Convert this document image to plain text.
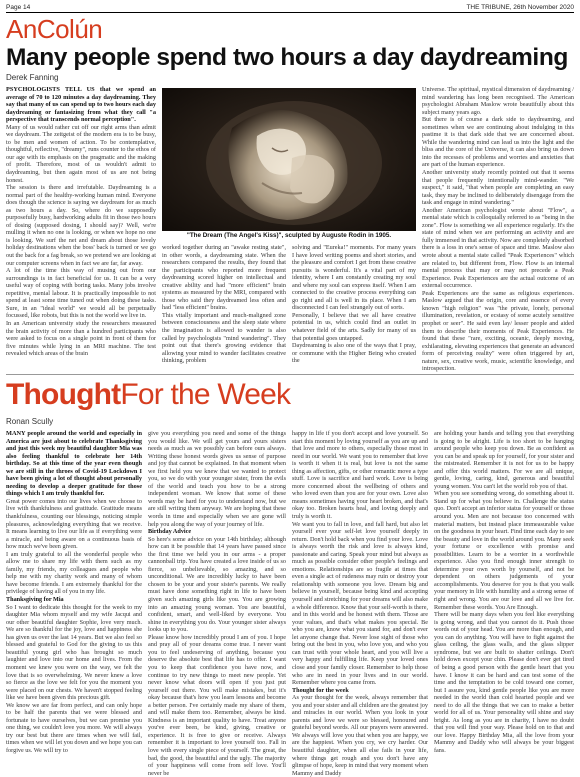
Page 14	THE TRIBUNE, 26th November 2020
AnColún
Many people spend two hours a day daydreaming
Derek Fanning

PSYCHOLOGISTS TELL US that we spend an average of 70 to 120 minutes a day daydreaming. They say that many of us can spend up to two hours each day daydreaming or fantasizing from what they call "a perspective that transcends normal perception".

Many of us would rather cut off our right arms than admit we daydream. The zeitgeist of the modern era is to be busy, to be men and women of action. To be contemplative, thoughtful, reflective, "dreamy", runs counter to the ethos of our age with its emphasis on the pragmatic and the making of profit. Therefore, most of us wouldn't admit to daydreaming, but then again most of us are not being honest.

The session is there and irrefutable. Daydreaming is a normal part of the healthy-working human mind. Everyone does though the science is saying we daydream for as much as two hours a day. So, where do we supposedly purposefully busy, hardworking adults fit in those two hours of dosing (supposed dosing, I should say)? Well, we're mulling it when no one is looking, or when we hope no one is looking. We surf the net and dream about those lovely holiday destinations when the boss' back is turned or we go out the back for a fag break, so we pretend we are looking at our computer screens when in fact we are far, far away.

A lot of the time this way of musing out from our surroundings is in fact beneficial for us. It can be a very useful way of coping with boring tasks. Many jobs involve repetitive, menial labour. It is practically impossible to not spend at least some time tuned out when doing these tasks. Sure, in an "ideal world" we would all be perpetually focussed, like robots, but this is not the world we live in.

In an American university study the researchers measured the brain activity of more than a hundred participants who were asked to focus on a single point in front of them for five minutes while lying in an MRI machine. The test revealed which areas of the brain

"The Dream (The Angel's Kiss)", sculpted by Auguste Rodin in 1905.

worked together during an "awake resting state", in other words, a daydreaming state. When the researchers compared the results, they found that the participants who reported more frequent daydreaming scored higher on intellectual and creative ability and had "more efficient" brain systems as measured by the MRI, compared with those who said they daydreamed less often and had "less efficient" brains.

This vitally important and much-maligned zone between consciousness and the sleep state where the imagination is allowed to wander is also called by psychologists "mind wandering". They point out that there's growing evidence that allowing your mind to wander facilitates creative thinking, problem

solving and "Eureka!" moments. For many years I have loved writing poems and short stories, and the pleasure and comfort I get from these creative pursuits is wonderful. It's a vital part of my identity, where I am constantly creating my soul and where my soul can express itself. When I am connected to the creative process everything can go right and all is well in its place. When I am disconnected I can feel strangely out of sorts.

Personally, I believe that we all have creative potential in us, which could find an outlet in whatever field of the arts. Sadly for many of us that potential goes untapped.

Daydreaming is also one of the ways that I pray, or commune with the Higher Being who created the

Universe. The spiritual, mystical dimension of daydreaming / mind wandering has long been recognised. The American psychologist Abraham Maslow wrote beautifully about this subject many years ago.

But there is of course a dark side to daydreaming, and sometimes when we are continuing about indulging in this pastime it is that dark side that we are concerned about. While the wandering mind can lead us into the light and the bliss and the core of the Universe, it can also bring us down into the recesses of problems and worries and anxieties that are part of the human experience.

Another university study recently pointed out that it seems that people frequently intentionally mind-wander. "We suspect," it said, "that when people are completing an easy task, they may be inclined to deliberately disengage from the task and engage in mind wandering."

Another American psychologist wrote about "Flow", a mental state which is colloquially referred to as "being in the zone". Flow is something we all experience regularly. It's the state of mind when we are performing an activity and are fully immersed in that activity. Now are completely absorbed there is a loss in one's sense of space and time. Maslow also wrote about a mental state called "Peak Experiences" which are related to, but different from, Flow. Flow is an internal mental process that may or may not precede a Peak Experience. Peak Experiences are the actual outcome of an external occurrence.

Peak Experiences are the same as religious experiences. Maslow argued that the origin, core and essence of every known "high religion" was "the private, lonely, personal illumination, revelation, or ecstasy of some acutely sensitive prophet or seer". He said even lay/ lesser people and aided them to describe their moments of Peak Experiences. He found that these "rare, exciting, oceanic, deeply moving, exhilarating, elevating experiences that generate an advanced form of perceiving reality" were often triggered by art, nature, sex, creative work, music, scientific knowledge, and introspection.

ThoughtFor the Week
Ronan Scully

MANY people around the world and especially in America are just about to celebrate Thanksgiving and just this week my beautiful daughter Mia was also feeling thankful to celebrate her 14th birthday. So at this time of the year even though we are still in the throes of Covid-19 Lockdown I have been giving a lot of thought about personally needing to develop a deeper gratitude for those things which I am truly thankful for.

Great power comes into our lives when we choose to live with thankfulness and gratitude. Gratitude means thankfulness, counting our blessings, noticing simple pleasures, acknowledging everything that we receive. It means learning to live our life as if everything were a miracle, and being aware on a continuous basis of how much we've been given.

I am truly grateful to all the wonderful people who allow me to share my life with them such as my family, my friends, my colleagues and people who help me with my charity work and many of whom have become friends. I am extremely thankful for the privilege of having all of you in my life.

Thanksgiving for Mia

So I want to dedicate this thought for the week to my daughter Mia whom myself and my wife Jacqui and our other beautiful daughter Sophie, love very much. We are so thankful for the joy, love and happiness she has given us over the last 14 years. But we also feel so blessed and grateful to God for the giving to us this beautiful young girl who has brought so much laughter and love into our home and lives. From the moment we knew you were on the way, we felt the love that is so overwhelming. We never knew a love so fierce as the love we felt for you the moment you were placed on our chests. We haven't stopped feeling like we have been given this precious gift.

We know we are far from perfect, and can only hope to be half the parents that we were blessed and fortunate to have ourselves, but we can promise you one thing, we couldn't love you more. We will always try our best but there are times when we will fail, times when we will let you down and we hope you can forgive us. We will try to

give you everything you need and some of the things you would like. We will get yours and yours sisters needs as much as we possibly can before ours always. Writing these honest words gives us sense of purpose and joy that cannot be explained. In that moment when we first held you we knew that we wanted to protect you, so we do with your younger sister, from the evils of the world and teach you how to be a strong independent woman. We know that some of these words may be hard for you to understand now, but we are still writing them anyway. We are hoping that these words in time and especially when we are gone will help you along the way of your journey of life.

Birthday Advice

So here's some advice on your 14th birthday; although how can it be possible that 14 years have passed since the first time we held you in our arms - a proper cannonball trip. You have created a love inside of us so fierce, so unbelievable, so amazing, and so unconditional. We are incredibly lucky to have been chosen to be your and your sister's parents. We really must have done something right in life to have been given such amazing girls like you. You are growing into an amazing young woman. You are beautiful, confident, smart, and well-liked by everyone. You shine in everything you do. Your younger sister always looks up to you.

Please know how incredibly proud I am of you. I hope and pray all of your dreams come true. I never want you to feel undeserving of anything, because you deserve the absolute best that life has to offer. I want you to keep that confidence you have now, and continue to try new things to meet new people. Yet never know what doors will open if you just put yourself out there. You will make mistakes, but it's okay because that's how you learn lessons and become a better person. I've certainly made my share of them, and will make them too. Remember, always be kind. Kindness is an important quality to have. Treat anyone you've ever been, be kind, giving, creative or experience. It is free to give or receive. Always remember it is important to love yourself too. Fall in love with every single piece of yourself. The great, the bad, the good, the beautiful and the ugly. The majority of your happiness will come from self love. You'll never be

happy in life if you don't accept and love yourself. So start this moment by loving yourself as you are up and that love and more to others, especially those most in need in our world. We want you to remember that love is worth it when it is real, but love is not the same thing as affection, gifts, or other romantic move a type stuff. Love is sacrifice and hard work. Love is being more concerned about the wellbeing of others and who loved even than you are for your own. Love also means sometimes having your heart broken, and that's okay too. Broken hearts heal, and loving deeply and truly is worth it.

We want you to fall in love, and fall hard, but also let yourself ever your self-let love yourself deeply in return. Don't hold back when you find your love. Love is always worth the risk and love is always kind, passionate and caring. Speak your mind but always as much as possible consider other people's feelings and emotions. Relationships are so fragile at times that even a single act of rudeness may ruin or destroy your relationship with someone you love. Dream big and believe in yourself, because being kind and accepting yourself and stretching for your dreams will also make a whole difference. Know that your self-worth is there, and in this world and be honest with them. Those are your values, and that's what makes you special. Be who you are, know what you stand for, and don't ever let anyone change that. Never lose sight of those who bring out the best in you, who love you, and who you can trust with your whole heart, and you will live a very happy and fulfilling life. Keep your loved ones close and your family closer. Remember to help those who are in need in your lives and in our world. Remember where you came from.

Thought for the week

As your thought for the week, always remember that you and your sister and all children are the greatest joy and miracles in our world. When you look in your parents and love we were so blessed, honoured and grateful beyond words. All our prayers were answered. We always will love you that when you are happy, we are the happiest. When you cry, we cry harder. Our beautiful daughter, when all else fails in your life, where things get rough and you don't have any glimpse of hope, keep in mind that very moment when Mammy and Daddy

are holding your hands and telling you that everything is going to be alright. Life is too short to be hanging around people who keep you down. Be as confident as you can be and speak up for yourself, for your sister and the mistreated. Remember it is not for us to be happy and offer this world matters. For we are all unique, gentle, loving, caring, kind, generous and beautiful young women. You can't let the world rob you of that.

When you see something wrong, do something about it. Stand up for what you believe in. Challenge the status quo. Don't accept an inferior status for yourself or those around you. Men are not because too concerned with material matters, but instead place immeasurable value on the goodness in your heart. Find time each day to see the beauty and love in the world around you. Many seek your fortune or excellence with promise and possibilities. Learn to be a worrier in a worthwhile experience. Also you find enough inner strength to determine your own worth by yourself, and not be dependent on others judgements of your accomplishments. You deserve for you is that you walk your memory in life with humility and a strong sense of right and wrong. You are our love and all we live for. Remember these words. You Are Enough.

There will be many days when you feel like everything is going wrong, and that you cannot do it. Push those words out of your head. You are more than enough, and you can do anything. You will have to fight against the glass ceiling, the glass walls, and the glass slipper syndrome, but we are built to shatter ceilings. Don't hold down except your chin. Please don't ever get tired of being a good person with the gentle heart that you have. I know it can be hard and can test some of the time and the temptation to be cold toward one corner, but I assure you, kind gentle people like you are more needed in the world than cold hearted people and we need to do all the things that we can to make a better world for all of us. Your personality will shine and stay bright. As long as you are in charity, I have no doubt that you will find your way. Please hold on to that and our love. Happy Birthday Mia, all the love from your Mammy and Daddy who will always be your biggest fans.
